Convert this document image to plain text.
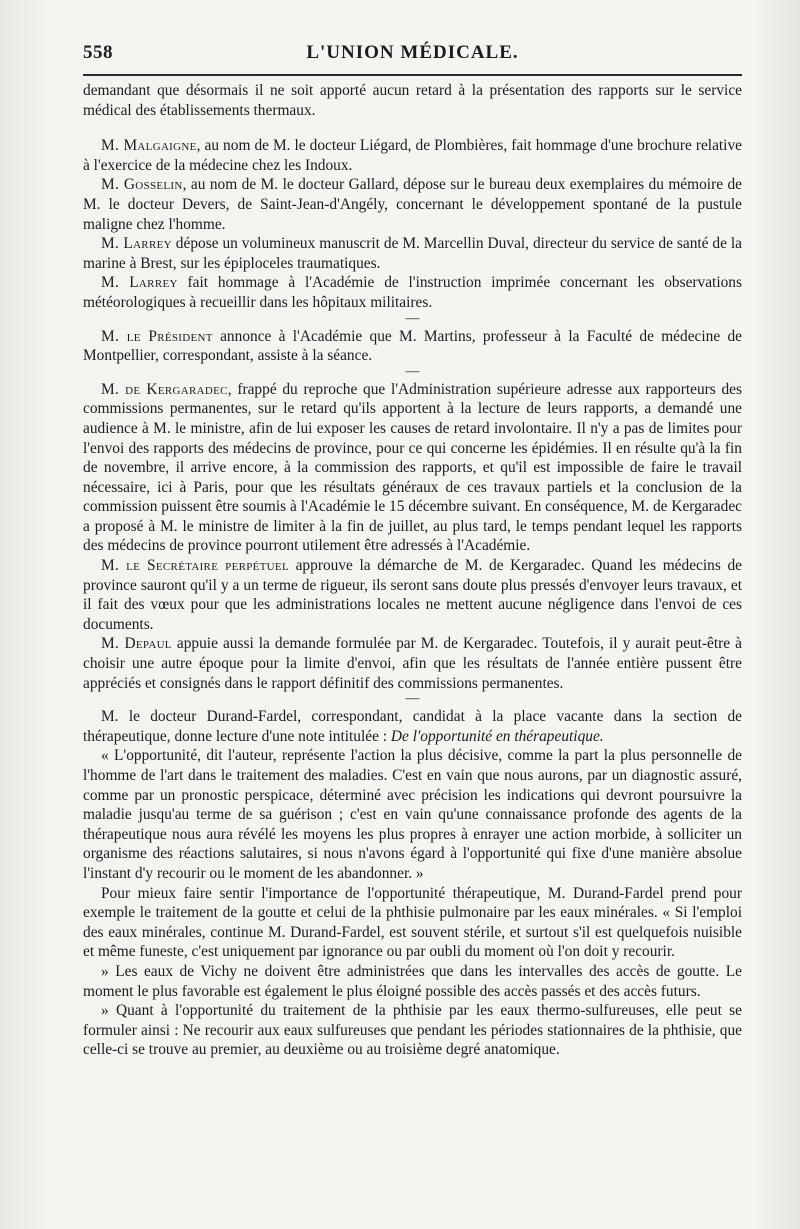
558	L'UNION MÉDICALE.

demandant que désormais il ne soit apporté aucun retard à la présentation des rapports sur le service médical des établissements thermaux.

M. Malgaigne, au nom de M. le docteur Liégard, de Plombières, fait hommage d'une brochure relative à l'exercice de la médecine chez les Indoux.

M. Gosselin, au nom de M. le docteur Gallard, dépose sur le bureau deux exemplaires du mémoire de M. le docteur Devers, de Saint-Jean-d'Angély, concernant le développement spontané de la pustule maligne chez l'homme.

M. Larrey dépose un volumineux manuscrit de M. Marcellin Duval, directeur du service de santé de la marine à Brest, sur les épiploceles traumatiques.

M. Larrey fait hommage à l'Académie de l'instruction imprimée concernant les observations météorologiques à recueillir dans les hôpitaux militaires.

—

M. le Président annonce à l'Académie que M. Martins, professeur à la Faculté de médecine de Montpellier, correspondant, assiste à la séance.

—

M. de Kergaradec, frappé du reproche que l'Administration supérieure adresse aux rapporteurs des commissions permanentes, sur le retard qu'ils apportent à la lecture de leurs rapports, a demandé une audience à M. le ministre, afin de lui exposer les causes de retard involontaire. Il n'y a pas de limites pour l'envoi des rapports des médecins de province, pour ce qui concerne les épidémies. Il en résulte qu'à la fin de novembre, il arrive encore, à la commission des rapports, et qu'il est impossible de faire le travail nécessaire, ici à Paris, pour que les résultats généraux de ces travaux partiels et la conclusion de la commission puissent être soumis à l'Académie le 15 décembre suivant. En conséquence, M. de Kergaradec a proposé à M. le ministre de limiter à la fin de juillet, au plus tard, le temps pendant lequel les rapports des médecins de province pourront utilement être adressés à l'Académie.

M. le Secrétaire perpétuel approuve la démarche de M. de Kergaradec. Quand les médecins de province sauront qu'il y a un terme de rigueur, ils seront sans doute plus pressés d'envoyer leurs travaux, et il fait des vœux pour que les administrations locales ne mettent aucune négligence dans l'envoi de ces documents.

M. Depaul appuie aussi la demande formulée par M. de Kergaradec. Toutefois, il y aurait peut-être à choisir une autre époque pour la limite d'envoi, afin que les résultats de l'année entière pussent être appréciés et consignés dans le rapport définitif des commissions permanentes.

—

M. le docteur Durand-Fardel, correspondant, candidat à la place vacante dans la section de thérapeutique, donne lecture d'une note intitulée : De l'opportunité en thérapeutique.

« L'opportunité, dit l'auteur, représente l'action la plus décisive, comme la part la plus personnelle de l'homme de l'art dans le traitement des maladies. C'est en vain que nous aurons, par un diagnostic assuré, comme par un pronostic perspicace, déterminé avec précision les indications qui devront poursuivre la maladie jusqu'au terme de sa guérison ; c'est en vain qu'une connaissance profonde des agents de la thérapeutique nous aura révélé les moyens les plus propres à enrayer une action morbide, à solliciter un organisme des réactions salutaires, si nous n'avons égard à l'opportunité qui fixe d'une manière absolue l'instant d'y recourir ou le moment de les abandonner. »

Pour mieux faire sentir l'importance de l'opportunité thérapeutique, M. Durand-Fardel prend pour exemple le traitement de la goutte et celui de la phthisie pulmonaire par les eaux minérales. « Si l'emploi des eaux minérales, continue M. Durand-Fardel, est souvent stérile, et surtout s'il est quelquefois nuisible et même funeste, c'est uniquement par ignorance ou par oubli du moment où l'on doit y recourir.

» Les eaux de Vichy ne doivent être administrées que dans les intervalles des accès de goutte. Le moment le plus favorable est également le plus éloigné possible des accès passés et des accès futurs.

» Quant à l'opportunité du traitement de la phthisie par les eaux thermo-sulfureuses, elle peut se formuler ainsi : Ne recourir aux eaux sulfureuses que pendant les périodes stationnaires de la phthisie, que celle-ci se trouve au premier, au deuxième ou au troisième degré anatomique.
